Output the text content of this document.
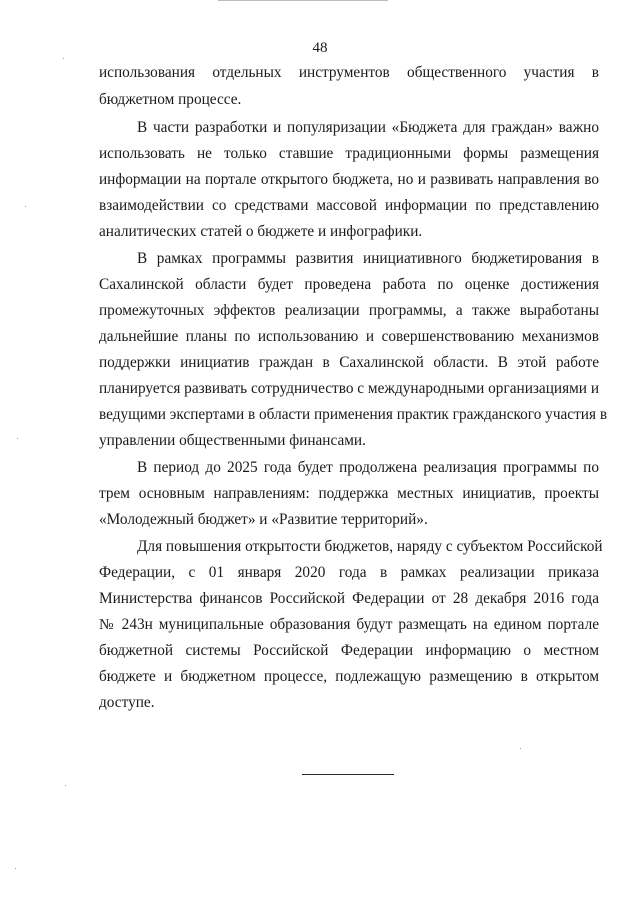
48
использования отдельных инструментов общественного участия в
бюджетном процессе.
В части разработки и популяризации «Бюджета для граждан» важно
использовать не только ставшие традиционными формы размещения
информации на портале открытого бюджета, но и развивать направления во
взаимодействии со средствами массовой информации по представлению
аналитических статей о бюджете и инфографики.
В рамках программы развития инициативного бюджетирования в
Сахалинской области будет проведена работа по оценке достижения
промежуточных эффектов реализации программы, а также выработаны
дальнейшие планы по использованию и совершенствованию механизмов
поддержки инициатив граждан в Сахалинской области. В этой работе
планируется развивать сотрудничество с международными организациями и
ведущими экспертами в области применения практик гражданского участия в
управлении общественными финансами.
В период до 2025 года будет продолжена реализация программы по
трем основным направлениям: поддержка местных инициатив, проекты
«Молодежный бюджет» и «Развитие территорий».
Для повышения открытости бюджетов, наряду с субъектом Российской
Федерации, с 01 января 2020 года в рамках реализации приказа
Министерства финансов Российской Федерации от 28 декабря 2016 года
№ 243н муниципальные образования будут размещать на едином портале
бюджетной системы Российской Федерации информацию о местном
бюджете и бюджетном процессе, подлежащую размещению в открытом
доступе.
